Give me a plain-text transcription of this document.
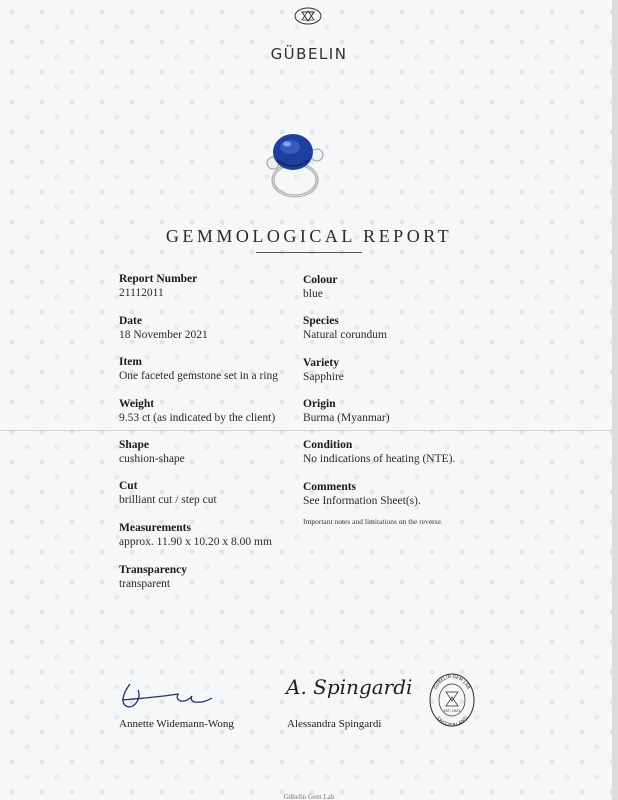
GÜBELIN
GEMMOLOGICAL REPORT
Report Number
21112011
Date
18 November 2021
Item
One faceted gemstone set in a ring
Weight
9.53 ct (as indicated by the client)
Shape
cushion-shape
Cut
brilliant cut / step cut
Measurements
approx. 11.90 x 10.20 x 8.00 mm
Transparency
transparent
Colour
blue
Species
Natural corundum
Variety
Sapphire
Origin
Burma (Myanmar)
Condition
No indications of heating (NTE).
Comments
See Information Sheet(s).
Important notes and limitations on the reverse.
A. Spingardi
Annette Widemann-Wong	Alessandra Spingardi
GÜBELIN GEM LAB
SWITZERLAND
EST. 1923
Gübelin Gem Lab
